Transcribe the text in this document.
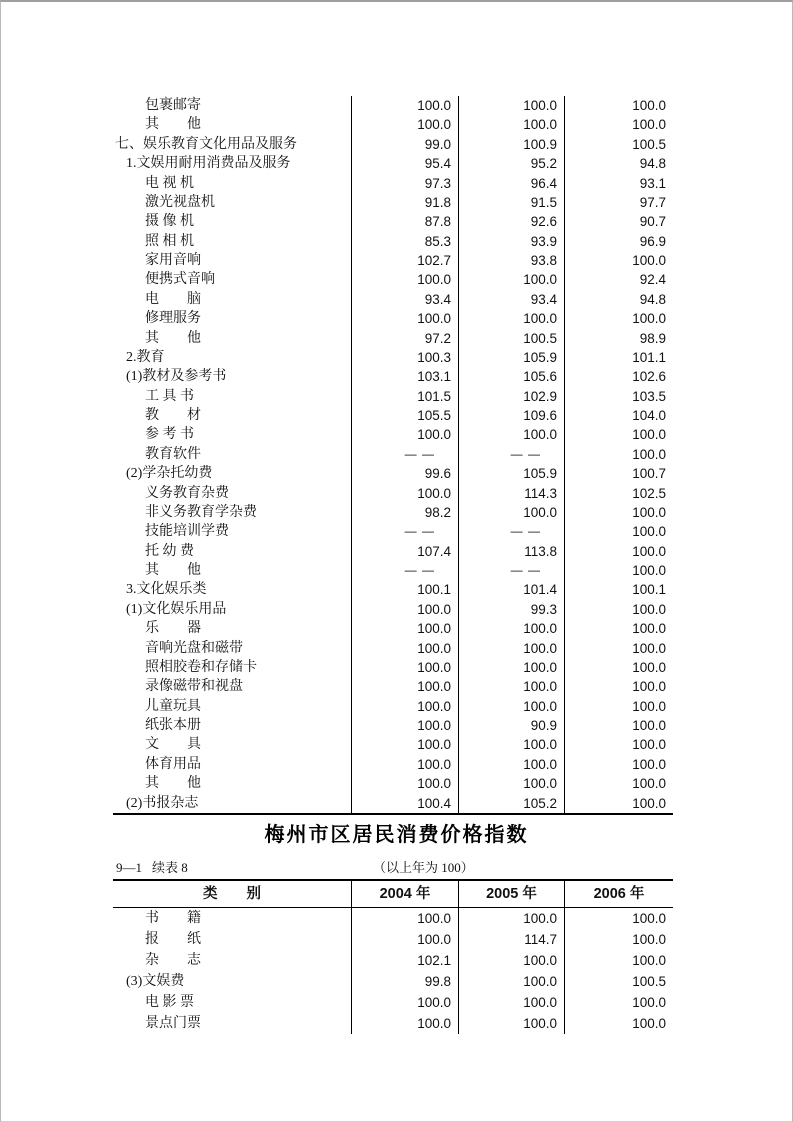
包裹邮寄	100.0	100.0	100.0
其　　他	100.0	100.0	100.0
七、娱乐教育文化用品及服务	99.0	100.9	100.5
1.文娱用耐用消费品及服务	95.4	95.2	94.8
电 视 机	97.3	96.4	93.1
激光视盘机	91.8	91.5	97.7
摄 像 机	87.8	92.6	90.7
照 相 机	85.3	93.9	96.9
家用音响	102.7	93.8	100.0
便携式音响	100.0	100.0	92.4
电　　脑	93.4	93.4	94.8
修理服务	100.0	100.0	100.0
其　　他	97.2	100.5	98.9
2.教育	100.3	105.9	101.1
(1)教材及参考书	103.1	105.6	102.6
工 具 书	101.5	102.9	103.5
教　　材	105.5	109.6	104.0
参 考 书	100.0	100.0	100.0
教育软件	— —	— —	100.0
(2)学杂托幼费	99.6	105.9	100.7
义务教育杂费	100.0	114.3	102.5
非义务教育学杂费	98.2	100.0	100.0
技能培训学费	— —	— —	100.0
托 幼 费	107.4	113.8	100.0
其　　他	— —	— —	100.0
3.文化娱乐类	100.1	101.4	100.1
(1)文化娱乐用品	100.0	99.3	100.0
乐　　器	100.0	100.0	100.0
音响光盘和磁带	100.0	100.0	100.0
照相胶卷和存储卡	100.0	100.0	100.0
录像磁带和视盘	100.0	100.0	100.0
儿童玩具	100.0	100.0	100.0
纸张本册	100.0	90.9	100.0
文　　具	100.0	100.0	100.0
体育用品	100.0	100.0	100.0
其　　他	100.0	100.0	100.0
(2)书报杂志	100.4	105.2	100.0
梅州市区居民消费价格指数
9—1 续表 8	（以上年为 100）
类　　别	2004 年	2005 年	2006 年
书　　籍	100.0	100.0	100.0
报　　纸	100.0	114.7	100.0
杂　　志	102.1	100.0	100.0
(3)文娱费	99.8	100.0	100.5
电 影 票	100.0	100.0	100.0
景点门票	100.0	100.0	100.0
